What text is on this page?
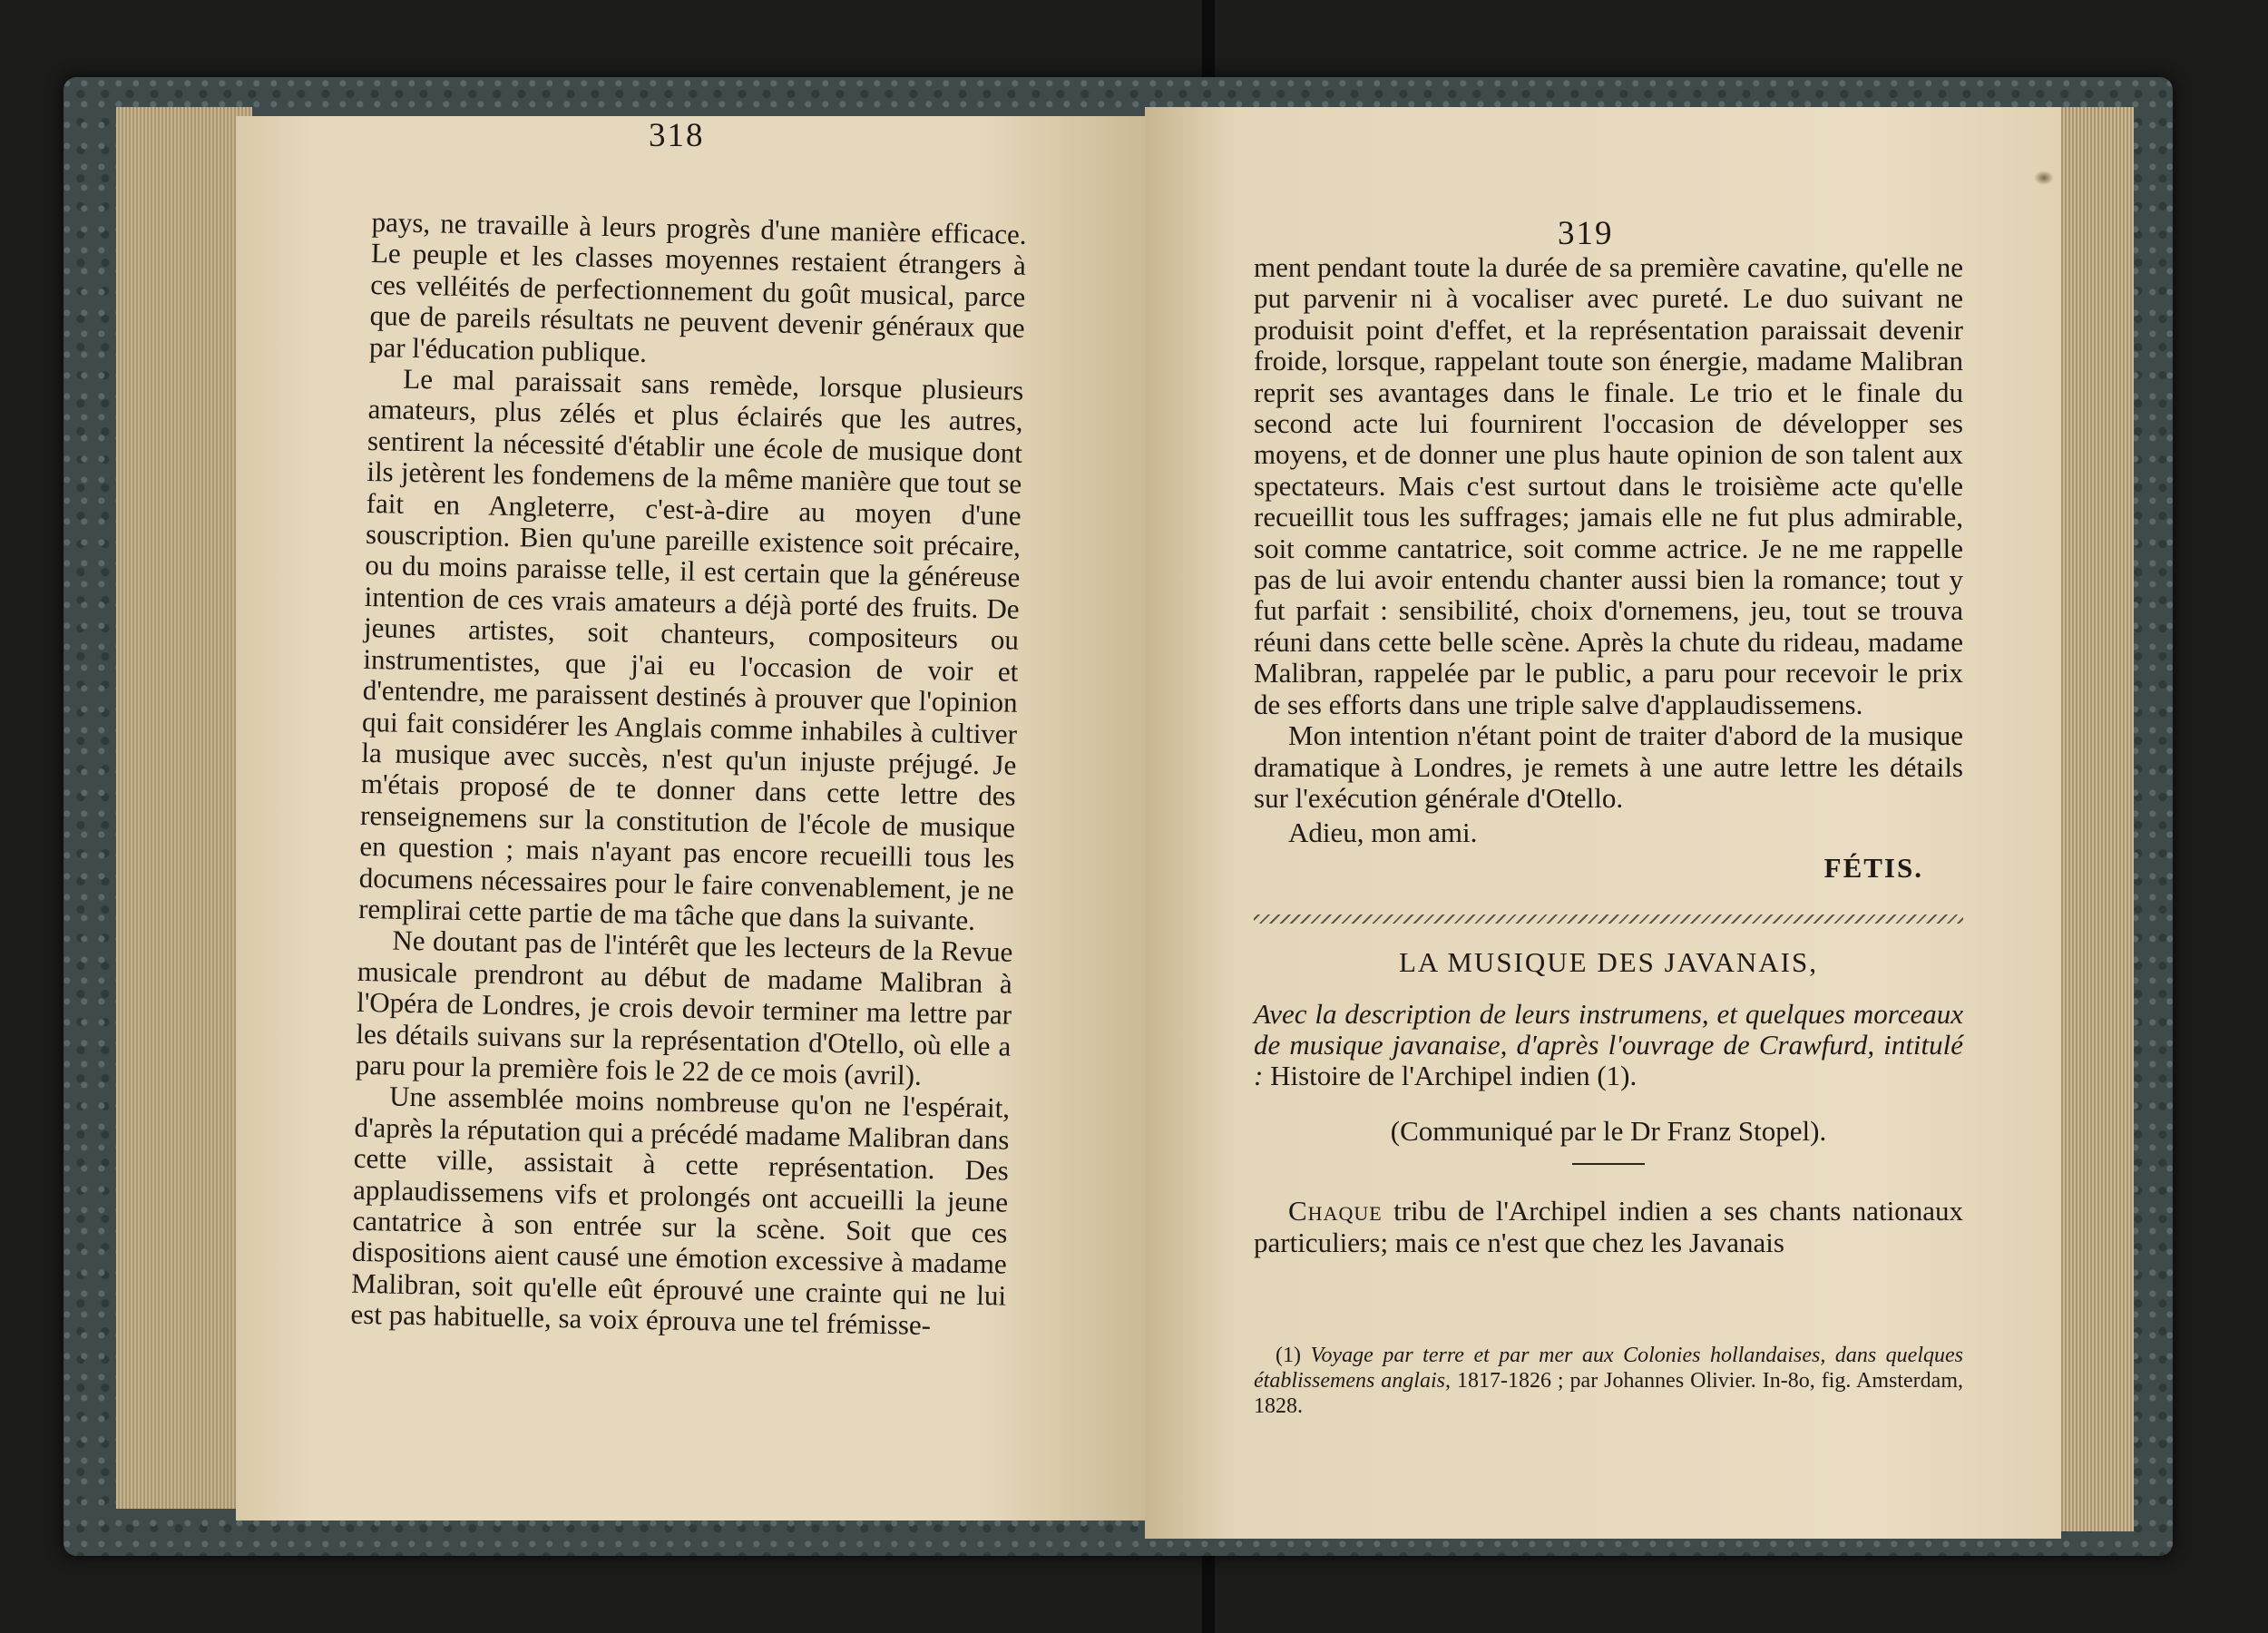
318

pays, ne travaille à leurs progrès d'une manière efficace. Le peuple et les classes moyennes restaient étrangers à ces velléités de perfectionnement du goût musical, parce que de pareils résultats ne peuvent devenir généraux que par l'éducation publique.

Le mal paraissait sans remède, lorsque plusieurs amateurs, plus zélés et plus éclairés que les autres, sentirent la nécessité d'établir une école de musique dont ils jetèrent les fondemens de la même manière que tout se fait en Angleterre, c'est-à-dire au moyen d'une souscription. Bien qu'une pareille existence soit précaire, ou du moins paraisse telle, il est certain que la généreuse intention de ces vrais amateurs a déjà porté des fruits. De jeunes artistes, soit chanteurs, compositeurs ou instrumentistes, que j'ai eu l'occasion de voir et d'entendre, me paraissent destinés à prouver que l'opinion qui fait considérer les Anglais comme inhabiles à cultiver la musique avec succès, n'est qu'un injuste préjugé. Je m'étais proposé de te donner dans cette lettre des renseignemens sur la constitution de l'école de musique en question ; mais n'ayant pas encore recueilli tous les documens nécessaires pour le faire convenablement, je ne remplirai cette partie de ma tâche que dans la suivante.

Ne doutant pas de l'intérêt que les lecteurs de la Revue musicale prendront au début de madame Malibran à l'Opéra de Londres, je crois devoir terminer ma lettre par les détails suivans sur la représentation d'Otello, où elle a paru pour la première fois le 22 de ce mois (avril).

Une assemblée moins nombreuse qu'on ne l'espérait, d'après la réputation qui a précédé madame Malibran dans cette ville, assistait à cette représentation. Des applaudissemens vifs et prolongés ont accueilli la jeune cantatrice à son entrée sur la scène. Soit que ces dispositions aient causé une émotion excessive à madame Malibran, soit qu'elle eût éprouvé une crainte qui ne lui est pas habituelle, sa voix éprouva une tel frémisse-

319

ment pendant toute la durée de sa première cavatine, qu'elle ne put parvenir ni à vocaliser avec pureté. Le duo suivant ne produisit point d'effet, et la représentation paraissait devenir froide, lorsque, rappelant toute son énergie, madame Malibran reprit ses avantages dans le finale. Le trio et le finale du second acte lui fournirent l'occasion de développer ses moyens, et de donner une plus haute opinion de son talent aux spectateurs. Mais c'est surtout dans le troisième acte qu'elle recueillit tous les suffrages; jamais elle ne fut plus admirable, soit comme cantatrice, soit comme actrice. Je ne me rappelle pas de lui avoir entendu chanter aussi bien la romance; tout y fut parfait : sensibilité, choix d'ornemens, jeu, tout se trouva réuni dans cette belle scène. Après la chute du rideau, madame Malibran, rappelée par le public, a paru pour recevoir le prix de ses efforts dans une triple salve d'applaudissemens.

Mon intention n'étant point de traiter d'abord de la musique dramatique à Londres, je remets à une autre lettre les détails sur l'exécution générale d'Otello.

Adieu, mon ami.
FÉTIS.
LA MUSIQUE DES JAVANAIS,
Avec la description de leurs instrumens, et quelques morceaux de musique javanaise, d'après l'ouvrage de Crawfurd, intitulé : Histoire de l'Archipel indien (1).
(Communiqué par le Dr Franz Stopel).

Chaque tribu de l'Archipel indien a ses chants nationaux particuliers; mais ce n'est que chez les Javanais

(1) Voyage par terre et par mer aux Colonies hollandaises, dans quelques établissemens anglais, 1817-1826 ; par Johannes Olivier. In-8o, fig. Amsterdam, 1828.
